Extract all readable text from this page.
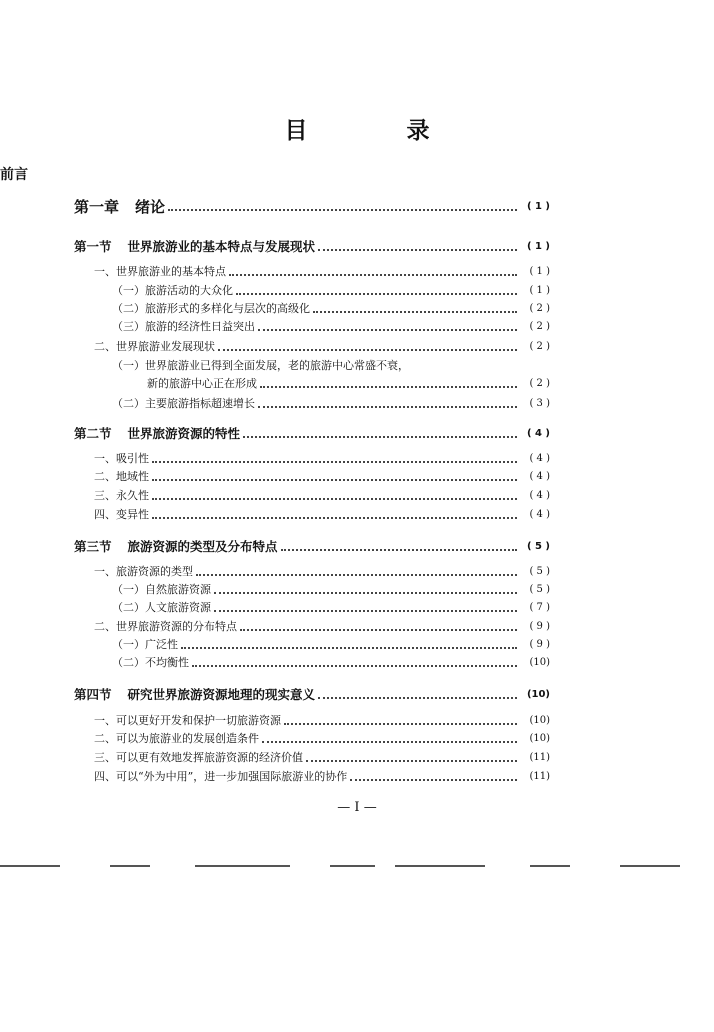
目　录
前言
第一章 绪论	( 1 )
第一节 世界旅游业的基本特点与发展现状	( 1 )
一、世界旅游业的基本特点	( 1 )
（一）旅游活动的大众化	( 1 )
（二）旅游形式的多样化与层次的高级化	( 2 )
（三）旅游的经济性日益突出	( 2 )
二、世界旅游业发展现状	( 2 )
（一）世界旅游业已得到全面发展，老的旅游中心常盛不衰，
新的旅游中心正在形成	( 2 )
（二）主要旅游指标超速增长	( 3 )
第二节 世界旅游资源的特性	( 4 )
一、吸引性	( 4 )
二、地域性	( 4 )
三、永久性	( 4 )
四、变异性	( 4 )
第三节 旅游资源的类型及分布特点	( 5 )
一、旅游资源的类型	( 5 )
（一）自然旅游资源	( 5 )
（二）人文旅游资源	( 7 )
二、世界旅游资源的分布特点	( 9 )
（一）广泛性	( 9 )
（二）不均衡性	(10)
第四节 研究世界旅游资源地理的现实意义	(10)
一、可以更好开发和保护一切旅游资源	(10)
二、可以为旅游业的发展创造条件	(10)
三、可以更有效地发挥旅游资源的经济价值	(11)
四、可以“外为中用”，进一步加强国际旅游业的协作	(11)
— I —
